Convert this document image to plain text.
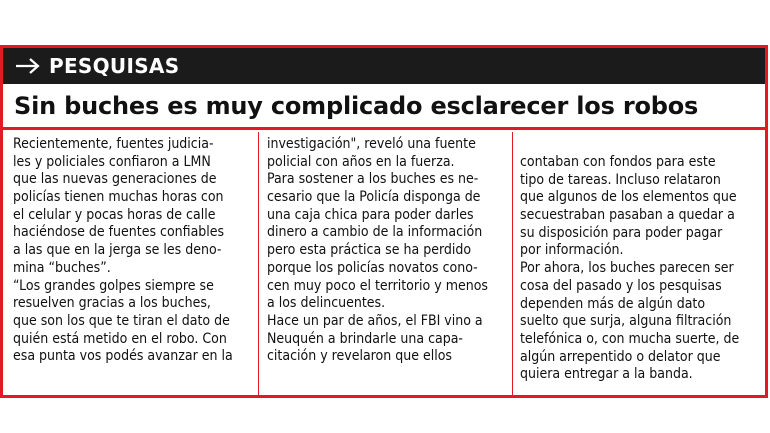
PESQUISAS
Sin buches es muy complicado esclarecer los robos
Recientemente, fuentes judicia-
les y policiales confiaron a LMN
que las nuevas generaciones de
policías tienen muchas horas con
el celular y pocas horas de calle
haciéndose de fuentes confiables
a las que en la jerga se les deno-
mina “buches”.
“Los grandes golpes siempre se
resuelven gracias a los buches,
que son los que te tiran el dato de
quién está metido en el robo. Con
esa punta vos podés avanzar en la
investigación", reveló una fuente
policial con años en la fuerza.
Para sostener a los buches es ne-
cesario que la Policía disponga de
una caja chica para poder darles
dinero a cambio de la información
pero esta práctica se ha perdido
porque los policías novatos cono-
cen muy poco el territorio y menos
a los delincuentes.
Hace un par de años, el FBI vino a
Neuquén a brindarle una capa-
citación y revelaron que ellos
contaban con fondos para este
tipo de tareas. Incluso relataron
que algunos de los elementos que
secuestraban pasaban a quedar a
su disposición para poder pagar
por información.
Por ahora, los buches parecen ser
cosa del pasado y los pesquisas
dependen más de algún dato
suelto que surja, alguna filtración
telefónica o, con mucha suerte, de
algún arrepentido o delator que
quiera entregar a la banda.
